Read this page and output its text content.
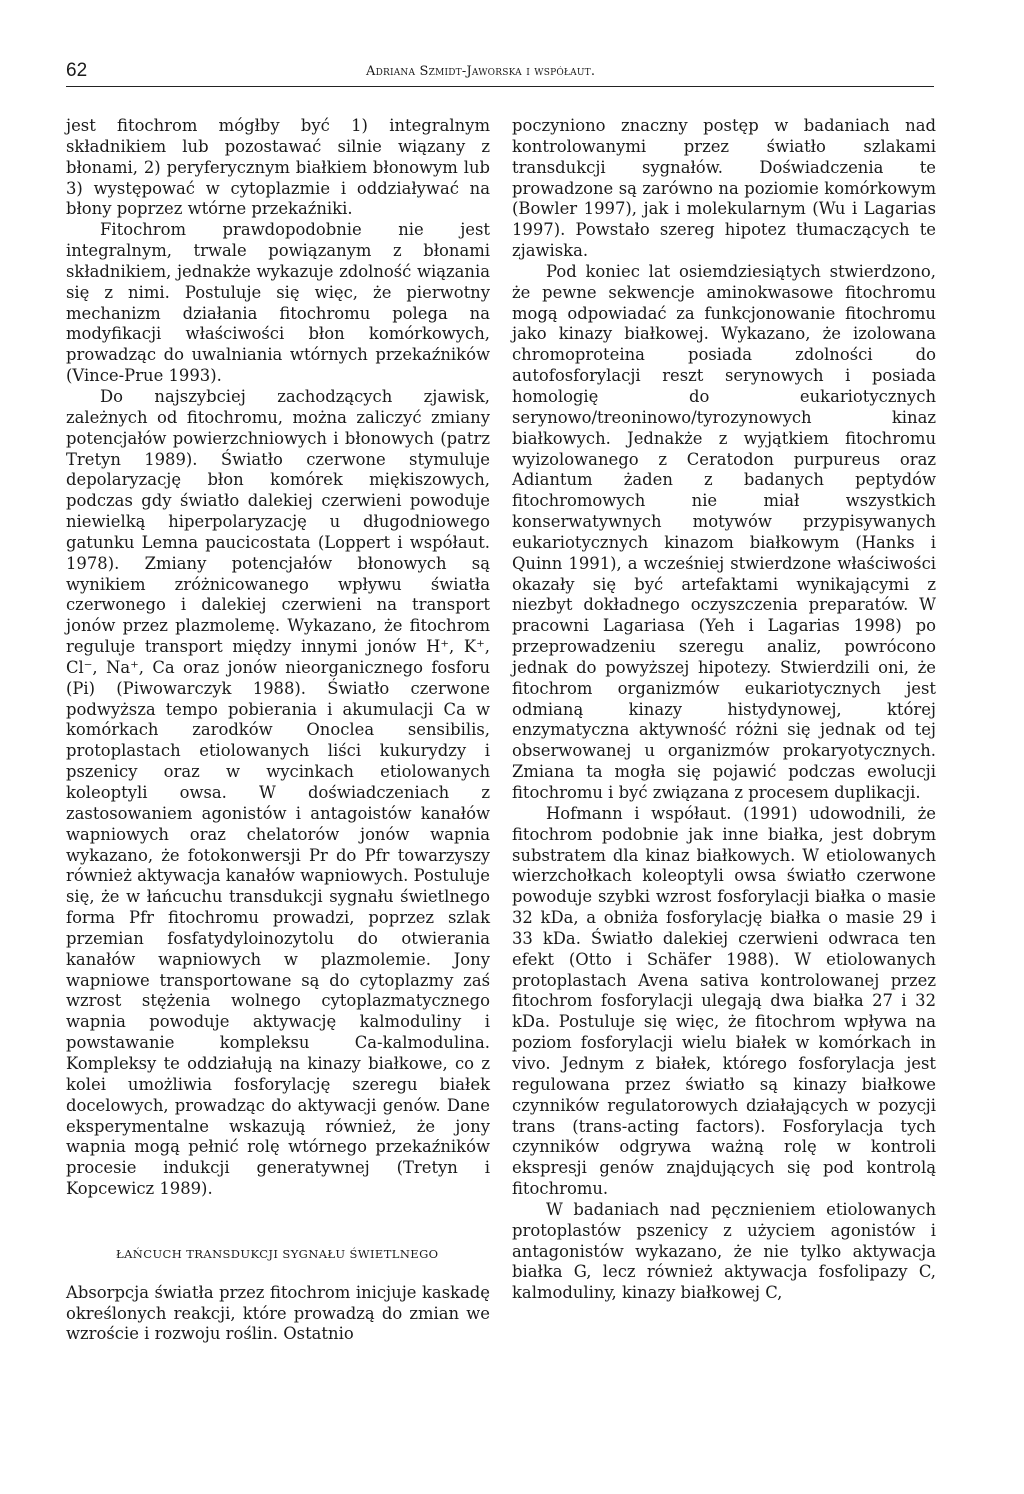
62	Adriana Szmidt-Jaworska i współaut.

jest fitochrom mógłby być 1) integralnym składnikiem lub pozostawać silnie wiązany z błonami, 2) peryferycznym białkiem błonowym lub 3) występować w cytoplazmie i oddziaływać na błony poprzez wtórne przekaźniki.

Fitochrom prawdopodobnie nie jest integralnym, trwale powiązanym z błonami składnikiem, jednakże wykazuje zdolność wiązania się z nimi. Postuluje się więc, że pierwotny mechanizm działania fitochromu polega na modyfikacji właściwości błon komórkowych, prowadząc do uwalniania wtórnych przekaźników (Vince-Prue 1993).

Do najszybciej zachodzących zjawisk, zależnych od fitochromu, można zaliczyć zmiany potencjałów powierzchniowych i błonowych (patrz Tretyn 1989). Światło czerwone stymuluje depolaryzację błon komórek miękiszowych, podczas gdy światło dalekiej czerwieni powoduje niewielką hiperpolaryzację u długodniowego gatunku Lemna paucicostata (Loppert i współaut. 1978). Zmiany potencjałów błonowych są wynikiem zróżnicowanego wpływu światła czerwonego i dalekiej czerwieni na transport jonów przez plazmolemę. Wykazano, że fitochrom reguluje transport między innymi jonów H⁺, K⁺, Cl⁻, Na⁺, Ca oraz jonów nieorganicznego fosforu (Pi) (Piwowarczyk 1988). Światło czerwone podwyższa tempo pobierania i akumulacji Ca w komórkach zarodków Onoclea sensibilis, protoplastach etiolowanych liści kukurydzy i pszenicy oraz w wycinkach etiolowanych koleoptyli owsa. W doświadczeniach z zastosowaniem agonistów i antagoistów kanałów wapniowych oraz chelatorów jonów wapnia wykazano, że fotokonwersji Pr do Pfr towarzyszy również aktywacja kanałów wapniowych. Postuluje się, że w łańcuchu transdukcji sygnału świetlnego forma Pfr fitochromu prowadzi, poprzez szlak przemian fosfatydyloinozytolu do otwierania kanałów wapniowych w plazmolemie. Jony wapniowe transportowane są do cytoplazmy zaś wzrost stężenia wolnego cytoplazmatycznego wapnia powoduje aktywację kalmoduliny i powstawanie kompleksu Ca-kalmodulina. Kompleksy te oddziałują na kinazy białkowe, co z kolei umożliwia fosforylację szeregu białek docelowych, prowadząc do aktywacji genów. Dane eksperymentalne wskazują również, że jony wapnia mogą pełnić rolę wtórnego przekaźników procesie indukcji generatywnej (Tretyn i Kopcewicz 1989).

ŁAŃCUCH TRANSDUKCJI SYGNAŁU ŚWIETLNEGO

Absorpcja światła przez fitochrom inicjuje kaskadę określonych reakcji, które prowadzą do zmian we wzroście i rozwoju roślin. Ostatnio

poczyniono znaczny postęp w badaniach nad kontrolowanymi przez światło szlakami transdukcji sygnałów. Doświadczenia te prowadzone są zarówno na poziomie komórkowym (Bowler 1997), jak i molekularnym (Wu i Lagarias 1997). Powstało szereg hipotez tłumaczących te zjawiska.

Pod koniec lat osiemdziesiątych stwierdzono, że pewne sekwencje aminokwasowe fitochromu mogą odpowiadać za funkcjonowanie fitochromu jako kinazy białkowej. Wykazano, że izolowana chromoproteina posiada zdolności do autofosforylacji reszt serynowych i posiada homologię do eukariotycznych serynowo/treoninowo/tyrozynowych kinaz białkowych. Jednakże z wyjątkiem fitochromu wyizolowanego z Ceratodon purpureus oraz Adiantum żaden z badanych peptydów fitochromowych nie miał wszystkich konserwatywnych motywów przypisywanych eukariotycznych kinazom białkowym (Hanks i Quinn 1991), a wcześniej stwierdzone właściwości okazały się być artefaktami wynikającymi z niezbyt dokładnego oczyszczenia preparatów. W pracowni Lagariasa (Yeh i Lagarias 1998) po przeprowadzeniu szeregu analiz, powrócono jednak do powyższej hipotezy. Stwierdzili oni, że fitochrom organizmów eukariotycznych jest odmianą kinazy histydynowej, której enzymatyczna aktywność różni się jednak od tej obserwowanej u organizmów prokaryotycznych. Zmiana ta mogła się pojawić podczas ewolucji fitochromu i być związana z procesem duplikacji.

Hofmann i współaut. (1991) udowodnili, że fitochrom podobnie jak inne białka, jest dobrym substratem dla kinaz białkowych. W etiolowanych wierzchołkach koleoptyli owsa światło czerwone powoduje szybki wzrost fosforylacji białka o masie 32 kDa, a obniża fosforylację białka o masie 29 i 33 kDa. Światło dalekiej czerwieni odwraca ten efekt (Otto i Schäfer 1988). W etiolowanych protoplastach Avena sativa kontrolowanej przez fitochrom fosforylacji ulegają dwa białka 27 i 32 kDa. Postuluje się więc, że fitochrom wpływa na poziom fosforylacji wielu białek w komórkach in vivo. Jednym z białek, którego fosforylacja jest regulowana przez światło są kinazy białkowe czynników regulatorowych działających w pozycji trans (trans-acting factors). Fosforylacja tych czynników odgrywa ważną rolę w kontroli ekspresji genów znajdujących się pod kontrolą fitochromu.

W badaniach nad pęcznieniem etiolowanych protoplastów pszenicy z użyciem agonistów i antagonistów wykazano, że nie tylko aktywacja białka G, lecz również aktywacja fosfolipazy C, kalmoduliny, kinazy białkowej C,
